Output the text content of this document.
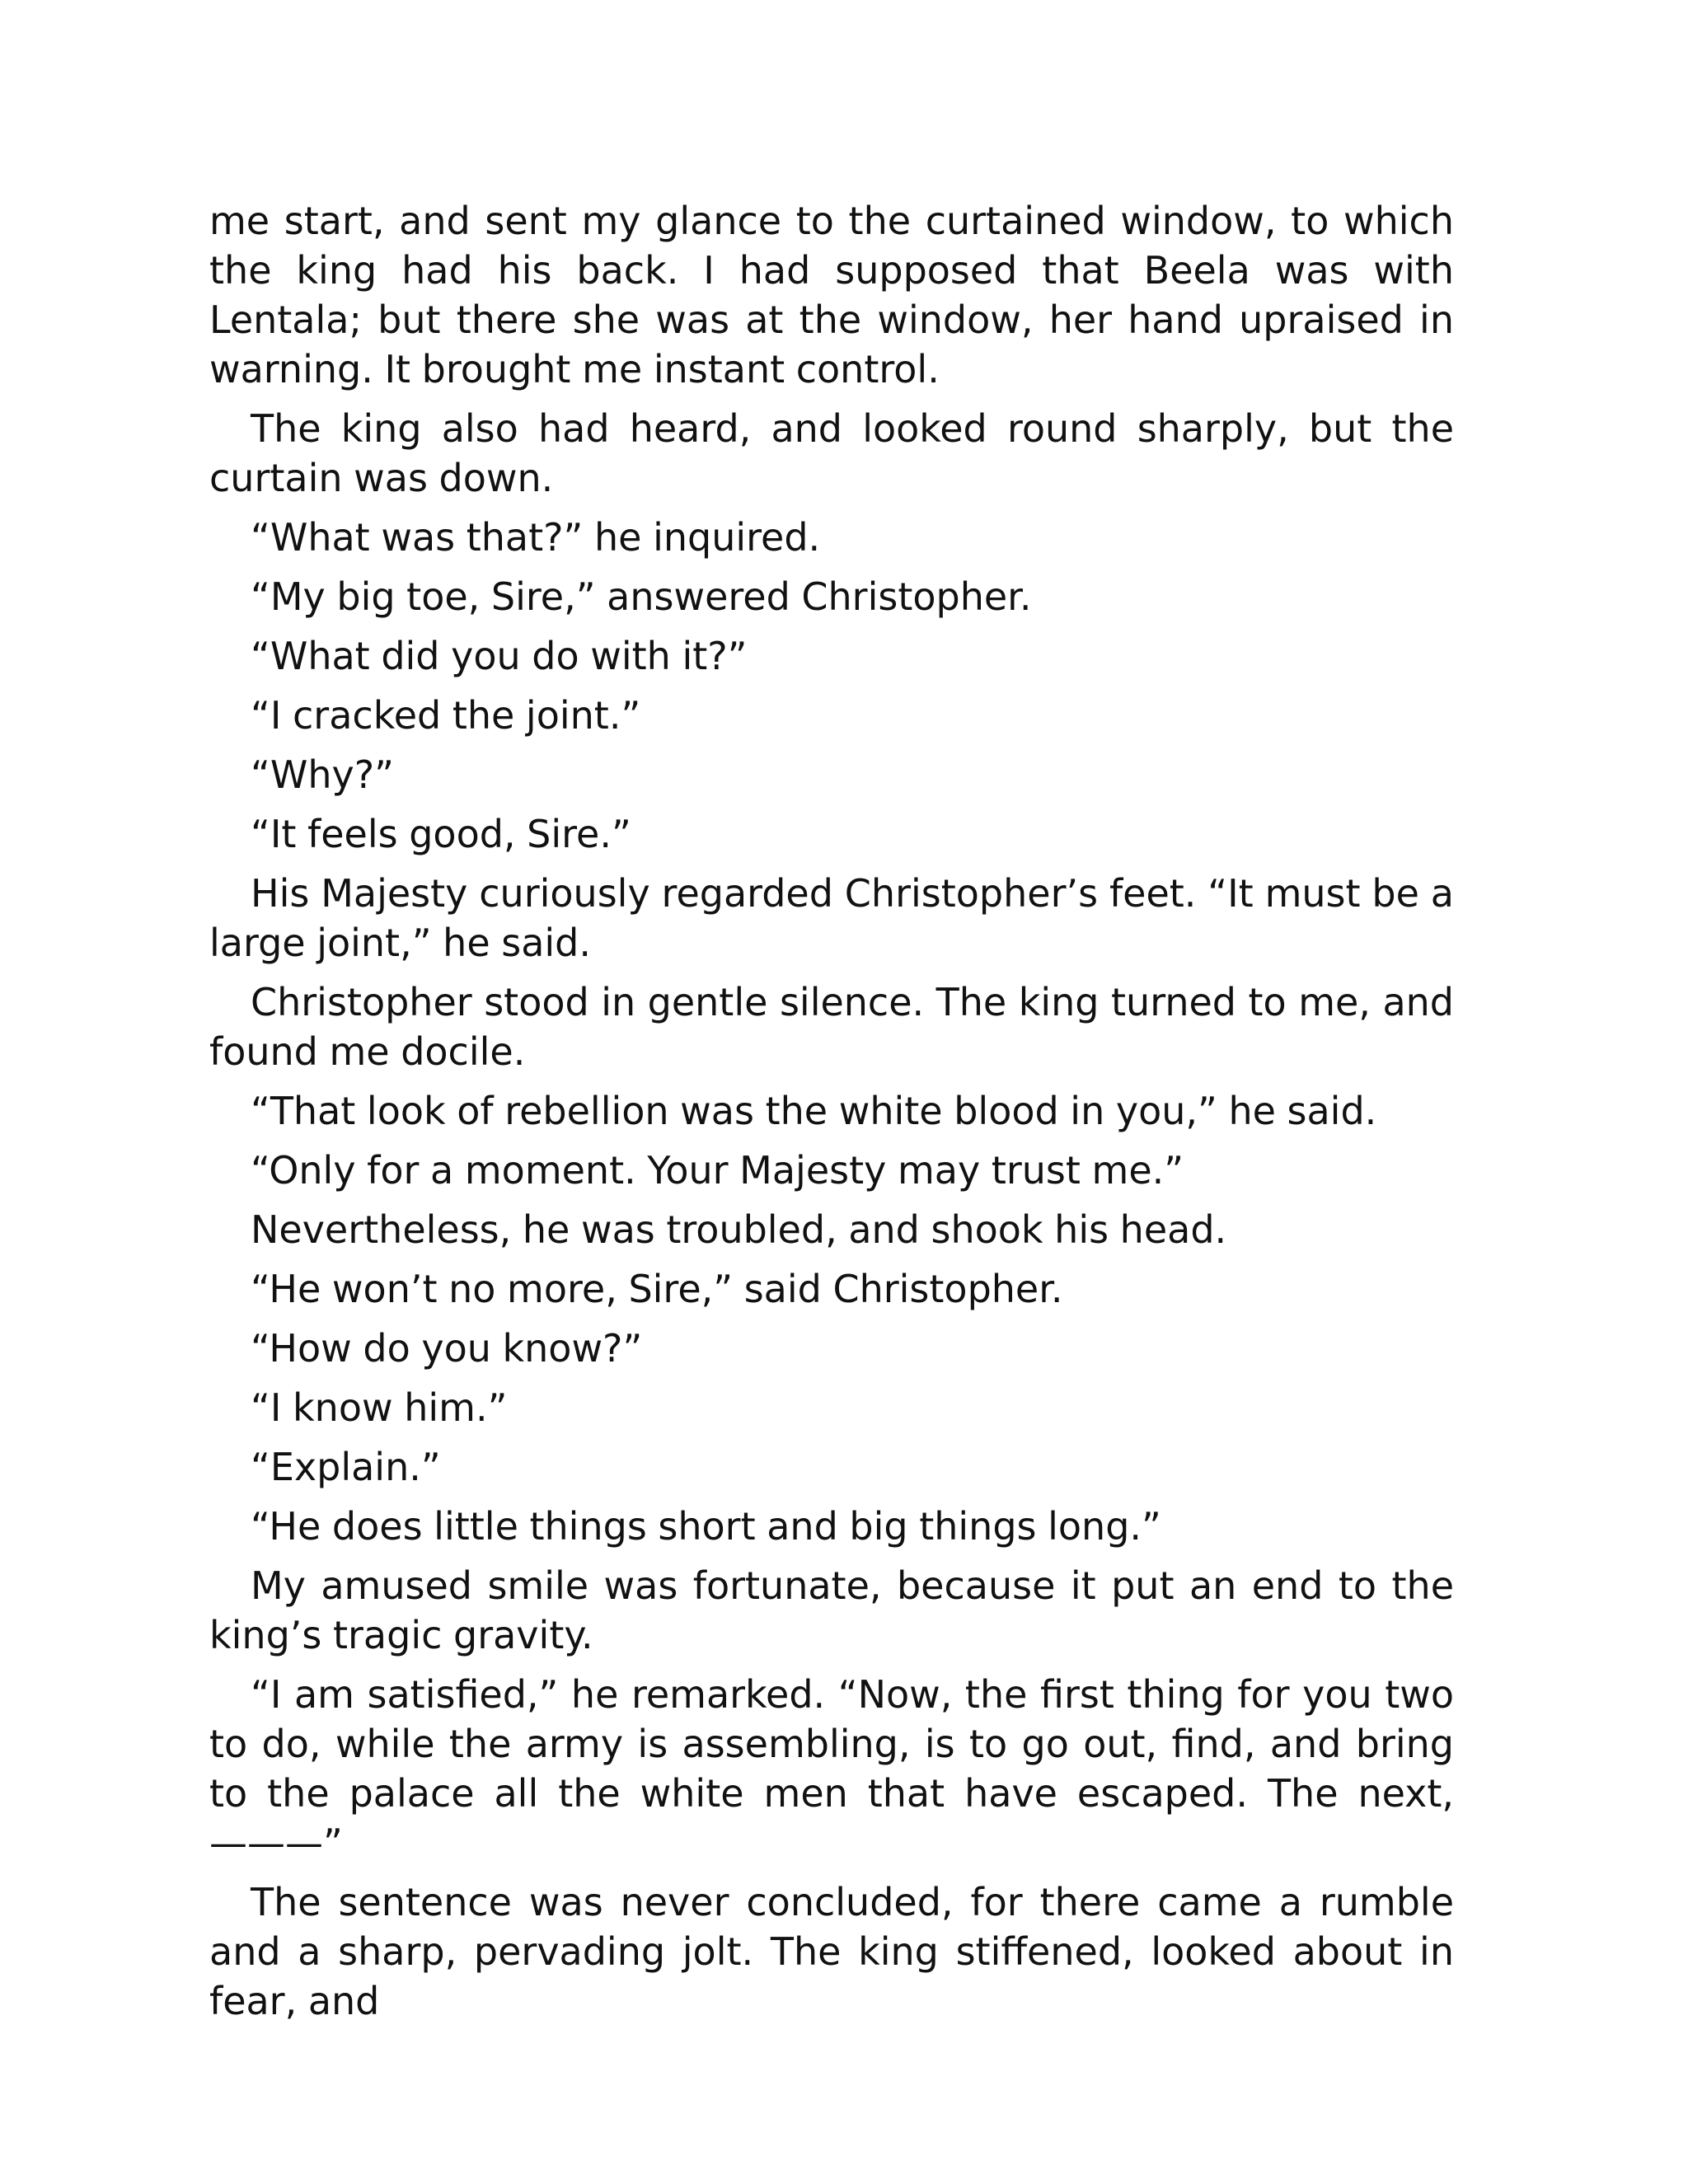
me start, and sent my glance to the curtained window, to which the king had his back. I had supposed that Beela was with Lentala; but there she was at the window, her hand upraised in warning. It brought me instant control.

The king also had heard, and looked round sharply, but the curtain was down.

“What was that?” he inquired.

“My big toe, Sire,” answered Christopher.

“What did you do with it?”

“I cracked the joint.”

“Why?”

“It feels good, Sire.”

His Majesty curiously regarded Christopher’s feet. “It must be a large joint,” he said.

Christopher stood in gentle silence. The king turned to me, and found me docile.

“That look of rebellion was the white blood in you,” he said.

“Only for a moment. Your Majesty may trust me.”

Nevertheless, he was troubled, and shook his head.

“He won’t no more, Sire,” said Christopher.

“How do you know?”

“I know him.”

“Explain.”

“He does little things short and big things long.”

My amused smile was fortunate, because it put an end to the king’s tragic gravity.

“I am satisfied,” he remarked. “Now, the first thing for you two to do, while the army is assembling, is to go out, find, and bring to the palace all the white men that have escaped. The next,———”

The sentence was never concluded, for there came a rumble and a sharp, pervading jolt. The king stiffened, looked about in fear, and
